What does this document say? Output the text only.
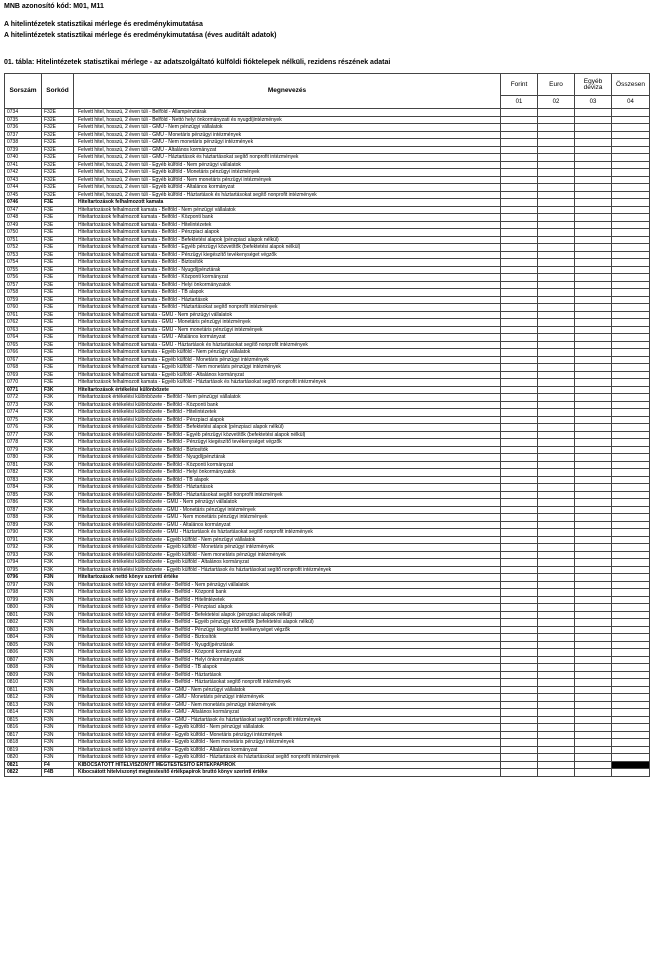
MNB azonosító kód: M01, M11
A hitelintézetek statisztikai mérlege és eredménykimutatása
A hitelintézetek statisztikai mérlege és eredménykimutatása (éves auditált adatok)
01. tábla: Hitelintézetek statisztikai mérlege - az adatszolgáltató külföldi fióktelepek nélküli, rezidens részének adatai
Sorszám	Sorkód	Megnevezés	Forint	Euro	Egyéb deviza	Összesen
			01	02	03	04
0734	F32E	Felvett hitel, hosszú, 2 éven túli - Belföld - Állampénztárak				
0735	F32E	Felvett hitel, hosszú, 2 éven túli - Belföld - Nettó helyi önkormányzati és nyugdíjintézmények				
0736	F32E	Felvett hitel, hosszú, 2 éven túli - GMU - Nem pénzügyi vállalatok				
0737	F32E	Felvett hitel, hosszú, 2 éven túli - GMU - Monetáris pénzügyi intézmények				
0738	F32E	Felvett hitel, hosszú, 2 éven túli - GMU - Nem monetáris pénzügyi intézmények				
0739	F32E	Felvett hitel, hosszú, 2 éven túli - GMU - Általános kormányzat				
0740	F32E	Felvett hitel, hosszú, 2 éven túli - GMU - Háztartások és háztartásokat segítő nonprofit intézmények				
0741	F32E	Felvett hitel, hosszú, 2 éven túli - Egyéb külföld - Nem pénzügyi vállalatok				
0742	F32E	Felvett hitel, hosszú, 2 éven túli - Egyéb külföld - Monetáris pénzügyi intézmények				
0743	F32E	Felvett hitel, hosszú, 2 éven túli - Egyéb külföld - Nem monetáris pénzügyi intézmények				
0744	F32E	Felvett hitel, hosszú, 2 éven túli - Egyéb külföld - Általános kormányzat				
0745	F32E	Felvett hitel, hosszú, 2 éven túli - Egyéb külföld - Háztartások és háztartásokat segítő nonprofit intézmények				
0746	F3E	Hiteltartozások felhalmozott kamata				
0747	F3E	Hiteltartozások felhalmozott kamata - Belföld - Nem pénzügyi vállalatok				
0748	F3E	Hiteltartozások felhalmozott kamata - Belföld - Központi bank				
0749	F3E	Hiteltartozások felhalmozott kamata - Belföld - Hitelintézetek				
0750	F3E	Hiteltartozások felhalmozott kamata - Belföld - Pénzpiaci alapok				
0751	F3E	Hiteltartozások felhalmozott kamata - Belföld - Befektetési alapok (pénzpiaci alapok nélkül)				
0752	F3E	Hiteltartozások felhalmozott kamata - Belföld - Egyéb pénzügyi közvetítők (befektetési alapok nélkül)				
0753	F3E	Hiteltartozások felhalmozott kamata - Belföld - Pénzügyi kiegészítő tevékenységet végzők				
0754	F3E	Hiteltartozások felhalmozott kamata - Belföld - Biztosítók				
0755	F3E	Hiteltartozások felhalmozott kamata - Belföld - Nyugdíjpénztárak				
0756	F3E	Hiteltartozások felhalmozott kamata - Belföld - Központi kormányzat				
0757	F3E	Hiteltartozások felhalmozott kamata - Belföld - Helyi önkormányzatok				
0758	F3E	Hiteltartozások felhalmozott kamata - Belföld - TB alapok				
0759	F3E	Hiteltartozások felhalmozott kamata - Belföld - Háztartások				
0760	F3E	Hiteltartozások felhalmozott kamata - Belföld - Háztartásokat segítő nonprofit intézmények				
0761	F3E	Hiteltartozások felhalmozott kamata - GMU - Nem pénzügyi vállalatok				
0762	F3E	Hiteltartozások felhalmozott kamata - GMU - Monetáris pénzügyi intézmények				
0763	F3E	Hiteltartozások felhalmozott kamata - GMU - Nem monetáris pénzügyi intézmények				
0764	F3E	Hiteltartozások felhalmozott kamata - GMU - Általános kormányzat				
0765	F3E	Hiteltartozások felhalmozott kamata - GMU - Háztartások és háztartásokat segítő nonprofit intézmények				
0766	F3E	Hiteltartozások felhalmozott kamata - Egyéb külföld - Nem pénzügyi vállalatok				
0767	F3E	Hiteltartozások felhalmozott kamata - Egyéb külföld - Monetáris pénzügyi intézmények				
0768	F3E	Hiteltartozások felhalmozott kamata - Egyéb külföld - Nem monetáris pénzügyi intézmények				
0769	F3E	Hiteltartozások felhalmozott kamata - Egyéb külföld - Általános kormányzat				
0770	F3E	Hiteltartozások felhalmozott kamata - Egyéb külföld - Háztartások és háztartásokat segítő nonprofit intézmények				
0771	F3K	Hiteltartozások értékelési különbözete				
0772	F3K	Hiteltartozások értékelési különbözete - Belföld - Nem pénzügyi vállalatok				
0773	F3K	Hiteltartozások értékelési különbözete - Belföld - Központi bank				
0774	F3K	Hiteltartozások értékelési különbözete - Belföld - Hitelintézetek				
0775	F3K	Hiteltartozások értékelési különbözete - Belföld - Pénzpiaci alapok				
0776	F3K	Hiteltartozások értékelési különbözete - Belföld - Befektetési alapok (pénzpiaci alapok nélkül)				
0777	F3K	Hiteltartozások értékelési különbözete - Belföld - Egyéb pénzügyi közvetítők (befektetési alapok nélkül)				
0778	F3K	Hiteltartozások értékelési különbözete - Belföld - Pénzügyi kiegészítő tevékenységet végzők				
0779	F3K	Hiteltartozások értékelési különbözete - Belföld - Biztosítók				
0780	F3K	Hiteltartozások értékelési különbözete - Belföld - Nyugdíjpénztárak				
0781	F3K	Hiteltartozások értékelési különbözete - Belföld - Központi kormányzat				
0782	F3K	Hiteltartozások értékelési különbözete - Belföld - Helyi önkormányzatok				
0783	F3K	Hiteltartozások értékelési különbözete - Belföld - TB alapok				
0784	F3K	Hiteltartozások értékelési különbözete - Belföld - Háztartások				
0785	F3K	Hiteltartozások értékelési különbözete - Belföld - Háztartásokat segítő nonprofit intézmények				
0786	F3K	Hiteltartozások értékelési különbözete - GMU - Nem pénzügyi vállalatok				
0787	F3K	Hiteltartozások értékelési különbözete - GMU - Monetáris pénzügyi intézmények				
0788	F3K	Hiteltartozások értékelési különbözete - GMU - Nem monetáris pénzügyi intézmények				
0789	F3K	Hiteltartozások értékelési különbözete - GMU - Általános kormányzat				
0790	F3K	Hiteltartozások értékelési különbözete - GMU - Háztartások és háztartásokat segítő nonprofit intézmények				
0791	F3K	Hiteltartozások értékelési különbözete - Egyéb külföld - Nem pénzügyi vállalatok				
0792	F3K	Hiteltartozások értékelési különbözete - Egyéb külföld - Monetáris pénzügyi intézmények				
0793	F3K	Hiteltartozások értékelési különbözete - Egyéb külföld - Nem monetáris pénzügyi intézmények				
0794	F3K	Hiteltartozások értékelési különbözete - Egyéb külföld - Általános kormányzat				
0795	F3K	Hiteltartozások értékelési különbözete - Egyéb külföld - Háztartások és háztartásokat segítő nonprofit intézmények				
0796	F3N	Hiteltartozások nettó könyv szerinti értéke				
0797	F3N	Hiteltartozások nettó könyv szerinti értéke - Belföld - Nem pénzügyi vállalatok				
0798	F3N	Hiteltartozások nettó könyv szerinti értéke - Belföld - Központi bank				
0799	F3N	Hiteltartozások nettó könyv szerinti értéke - Belföld - Hitelintézetek				
0800	F3N	Hiteltartozások nettó könyv szerinti értéke - Belföld - Pénzpiaci alapok				
0801	F3N	Hiteltartozások nettó könyv szerinti értéke - Belföld - Befektetési alapok (pénzpiaci alapok nélkül)				
0802	F3N	Hiteltartozások nettó könyv szerinti értéke - Belföld - Egyéb pénzügyi közvetítők (befektetési alapok nélkül)				
0803	F3N	Hiteltartozások nettó könyv szerinti értéke - Belföld - Pénzügyi kiegészítő tevékenységet végzők				
0804	F3N	Hiteltartozások nettó könyv szerinti értéke - Belföld - Biztosítók				
0805	F3N	Hiteltartozások nettó könyv szerinti értéke - Belföld - Nyugdíjpénztárak				
0806	F3N	Hiteltartozások nettó könyv szerinti értéke - Belföld - Központi kormányzat				
0807	F3N	Hiteltartozások nettó könyv szerinti értéke - Belföld - Helyi önkormányzatok				
0808	F3N	Hiteltartozások nettó könyv szerinti értéke - Belföld - TB alapok				
0809	F3N	Hiteltartozások nettó könyv szerinti értéke - Belföld - Háztartások				
0810	F3N	Hiteltartozások nettó könyv szerinti értéke - Belföld - Háztartásokat segítő nonprofit intézmények				
0811	F3N	Hiteltartozások nettó könyv szerinti értéke - GMU - Nem pénzügyi vállalatok				
0812	F3N	Hiteltartozások nettó könyv szerinti értéke - GMU - Monetáris pénzügyi intézmények				
0813	F3N	Hiteltartozások nettó könyv szerinti értéke - GMU - Nem monetáris pénzügyi intézmények				
0814	F3N	Hiteltartozások nettó könyv szerinti értéke - GMU - Általános kormányzat				
0815	F3N	Hiteltartozások nettó könyv szerinti értéke - GMU - Háztartások és háztartásokat segítő nonprofit intézmények				
0816	F3N	Hiteltartozások nettó könyv szerinti értéke - Egyéb külföld - Nem pénzügyi vállalatok				
0817	F3N	Hiteltartozások nettó könyv szerinti értéke - Egyéb külföld - Monetáris pénzügyi intézmények				
0818	F3N	Hiteltartozások nettó könyv szerinti értéke - Egyéb külföld - Nem monetáris pénzügyi intézmények				
0819	F3N	Hiteltartozások nettó könyv szerinti értéke - Egyéb külföld - Általános kormányzat				
0820	F3N	Hiteltartozások nettó könyv szerinti értéke - Egyéb külföld - Háztartások és háztartásokat segítő nonprofit intézmények				
0821	F4	KIBOCSÁTOTT HITELVISZONYT MEGTESTESÍTŐ ÉRTÉKPAPÍROK				
0822	F4B	Kibocsátott hitelviszonyt megtestesítő értékpapírok bruttó könyv szerinti értéke				
